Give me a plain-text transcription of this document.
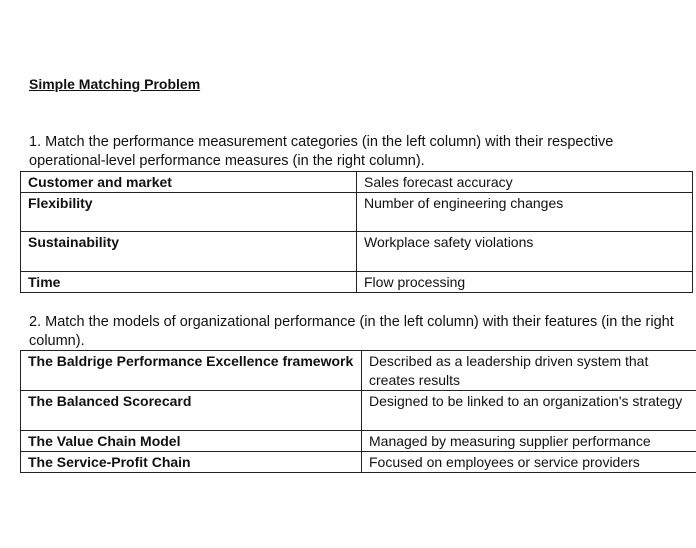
Simple Matching Problem
1. Match the performance measurement categories (in the left column) with their respective
operational-level performance measures (in the right column).
Customer and market	Sales forecast accuracy
Flexibility	Number of engineering changes
Sustainability	Workplace safety violations
Time	Flow processing
2. Match the models of organizational performance (in the left column) with their features (in the right
column).
The Baldrige Performance Excellence framework	Described as a leadership driven system that creates results
The Balanced Scorecard	Designed to be linked to an organization's strategy
The Value Chain Model	Managed by measuring supplier performance
The Service-Profit Chain	Focused on employees or service providers
